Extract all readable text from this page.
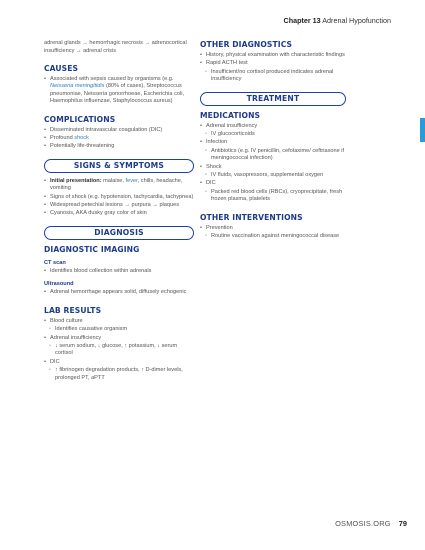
Chapter 13 Adrenal Hypofunction

adrenal glands → hemorrhagic necrosis → adrenocortical insufficiency → adrenal crisis

CAUSES
• Associated with sepsis caused by organisms (e.g. Neisseria meningitidis (80% of cases), Streptococcus pneumoniae, Neisseria gonorrhoeae, Escherichia coli, Haemophilus influenzae, Staphylococcus aureus)
COMPLICATIONS
• Disseminated intravascular coagulation (DIC)
• Profound shock
• Potentially life-threatening
SIGNS & SYMPTOMS
• Initial presentation: malaise, fever, chills, headache, vomiting
• Signs of shock (e.g. hypotension, tachycardia, tachypnea)
• Widespread petechial lesions → purpura → plaques
• Cyanosis, AKA dusky gray color of skin
DIAGNOSIS
DIAGNOSTIC IMAGING
CT scan
• Identifies blood collection within adrenals
Ultrasound
• Adrenal hemorrhage appears solid, diffusely echogenic
LAB RESULTS
• Blood culture
◦ Identifies causative organism
• Adrenal insufficiency
◦ ↓ serum sodium, ↓ glucose, ↑ potassium, ↓ serum cortisol
• DIC
◦ ↑ fibrinogen degradation products, ↑ D-dimer levels, prolonged PT, aPTT
OTHER DIAGNOSTICS
• History, physical examination with characteristic findings
• Rapid ACTH test
◦ Insufficient/no cortisol produced indicates adrenal insufficiency
TREATMENT
MEDICATIONS
• Adrenal insufficiency
◦ IV glucocorticoids
• Infection
◦ Antibiotics (e.g. IV penicillin, cefotaxime/ ceftriaxone if meningococcal infection)
• Shock
◦ IV fluids, vasopressors, supplemental oxygen
• DIC
◦ Packed red blood cells (RBCs), cryoprecipitate, fresh frozen plasma, platelets
OTHER INTERVENTIONS
• Prevention
◦ Routine vaccination against meningococcal disease
OSMOSIS.ORG 79
